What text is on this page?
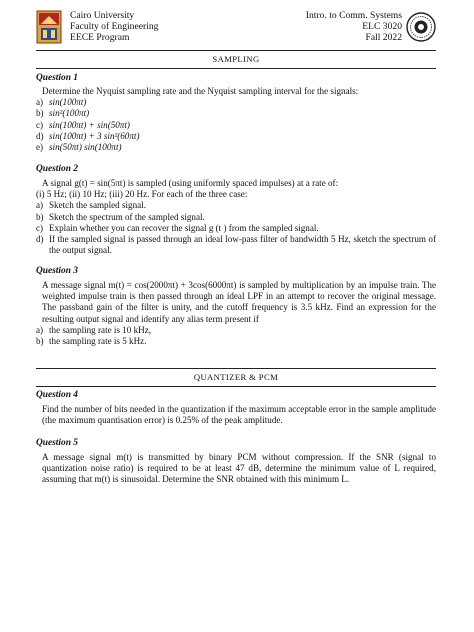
Cairo University
Faculty of Engineering
EECE Program
Intro. to Comm. Systems
ELC 3020
Fall 2022
SAMPLING
Question 1
Determine the Nyquist sampling rate and the Nyquist sampling interval for the signals:
a) sin(100πt)
b) sin²(100πt)
c) sin(100πt) + sin(50πt)
d) sin(100πt) + 3 sin²(60πt)
e) sin(50πt) sin(100πt)
Question 2
A signal g(t) = sin(5πt) is sampled (using uniformly spaced impulses) at a rate of:
(i) 5 Hz; (ii) 10 Hz; (iii) 20 Hz. For each of the three case:
a) Sketch the sampled signal.
b) Sketch the spectrum of the sampled signal.
c) Explain whether you can recover the signal g (t ) from the sampled signal.
d) If the sampled signal is passed through an ideal low-pass filter of bandwidth 5 Hz, sketch the spectrum of the output signal.
Question 3
A message signal m(t) = cos(2000πt) + 3cos(6000πt) is sampled by multiplication by an impulse train. The weighted impulse train is then passed through an ideal LPF in an attempt to recover the original message. The passband gain of the filter is unity, and the cutoff frequency is 3.5 kHz. Find an expression for the resulting output signal and identify any alias term present if
a) the sampling rate is 10 kHz,
b) the sampling rate is 5 kHz.
QUANTIZER & PCM
Question 4
Find the number of bits needed in the quantization if the maximum acceptable error in the sample amplitude (the maximum quantisation error) is 0.25% of the peak amplitude.
Question 5
A message signal m(t) is transmitted by binary PCM without compression. If the SNR (signal to quantization noise ratio) is required to be at least 47 dB, determine the minimum value of L required, assuming that m(t) is sinusoidal. Determine the SNR obtained with this minimum L.
